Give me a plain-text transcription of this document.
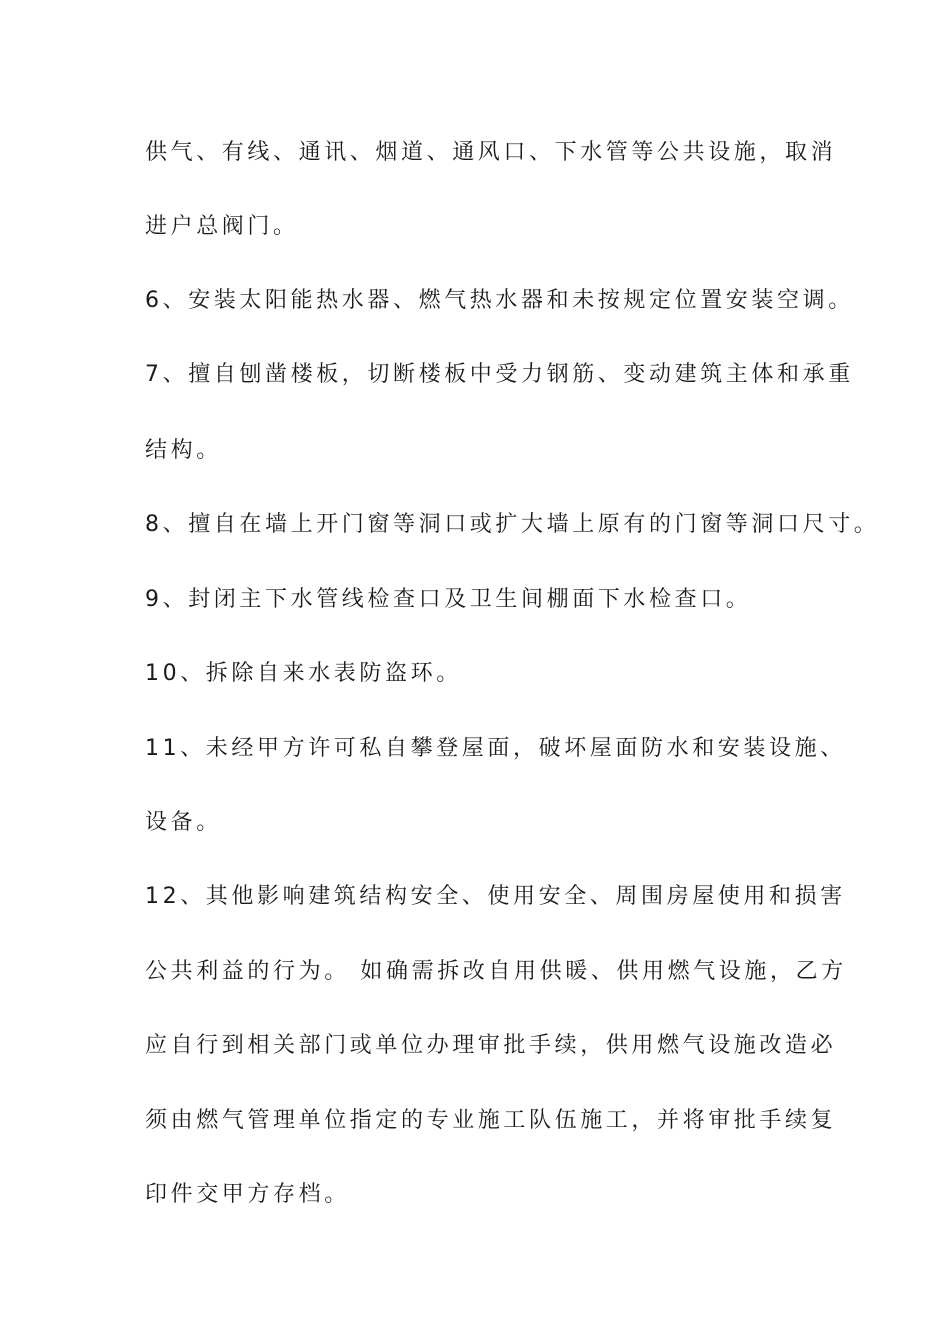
供气、有线、通讯、烟道、通风口、下水管等公共设施，取消
进户总阀门。
6、安装太阳能热水器、燃气热水器和未按规定位置安装空调。
7、擅自刨凿楼板，切断楼板中受力钢筋、变动建筑主体和承重
结构。
8、擅自在墙上开门窗等洞口或扩大墙上原有的门窗等洞口尺寸。
9、封闭主下水管线检查口及卫生间棚面下水检查口。
10、拆除自来水表防盗环。
11、未经甲方许可私自攀登屋面，破坏屋面防水和安装设施、
设备。
12、其他影响建筑结构安全、使用安全、周围房屋使用和损害
公共利益的行为。 如确需拆改自用供暖、供用燃气设施，乙方
应自行到相关部门或单位办理审批手续，供用燃气设施改造必
须由燃气管理单位指定的专业施工队伍施工，并将审批手续复
印件交甲方存档。
